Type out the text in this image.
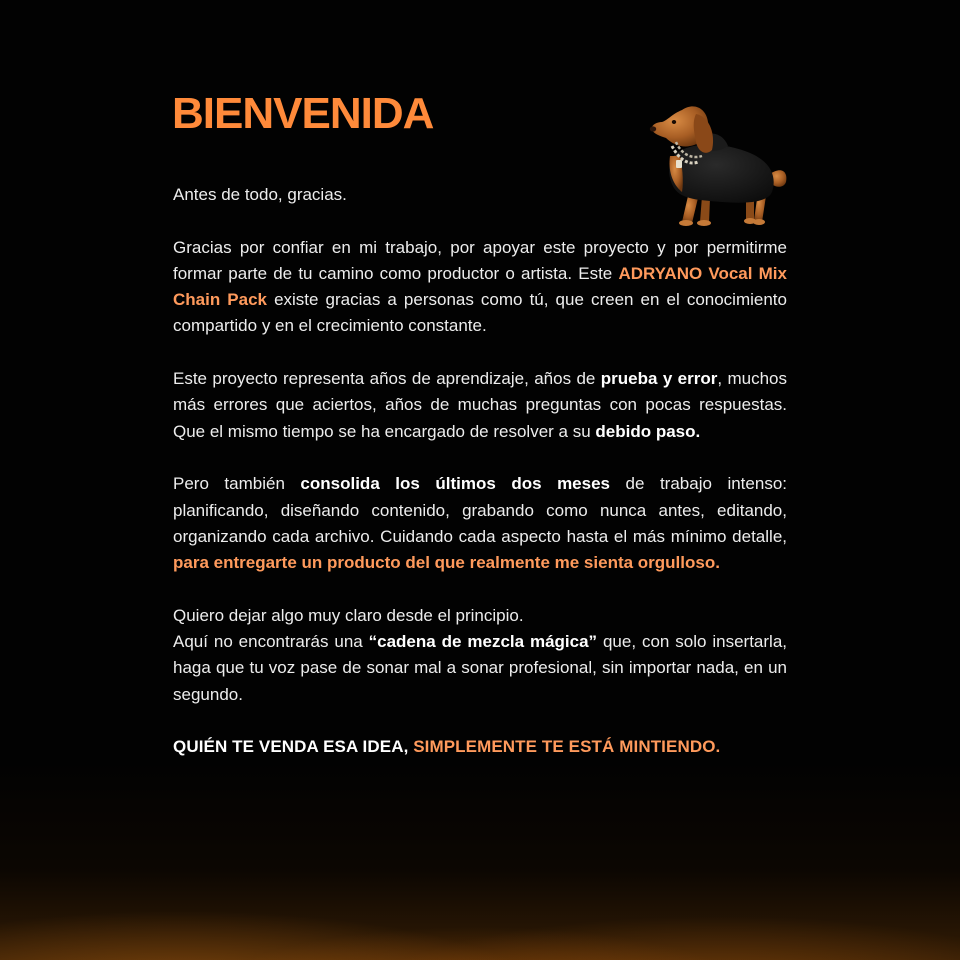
BIENVENIDA

Antes de todo, gracias.

Gracias por confiar en mi trabajo, por apoyar este proyecto y por permitirme formar parte de tu camino como productor o artista. Este ADRYANO Vocal Mix Chain Pack existe gracias a personas como tú, que creen en el conocimiento compartido y en el crecimiento constante.

Este proyecto representa años de aprendizaje, años de prueba y error, muchos más errores que aciertos, años de muchas preguntas con pocas respuestas. Que el mismo tiempo se ha encargado de resolver a su debido paso.

Pero también consolida los últimos dos meses de trabajo intenso: planificando, diseñando contenido, grabando como nunca antes, editando, organizando cada archivo. Cuidando cada aspecto hasta el más mínimo detalle, para entregarte un producto del que realmente me sienta orgulloso.

Quiero dejar algo muy claro desde el principio.

Aquí no encontrarás una “cadena de mezcla mágica” que, con solo insertarla, haga que tu voz pase de sonar mal a sonar profesional, sin importar nada, en un segundo.

QUIÉN TE VENDA ESA IDEA, SIMPLEMENTE TE ESTÁ MINTIENDO.
